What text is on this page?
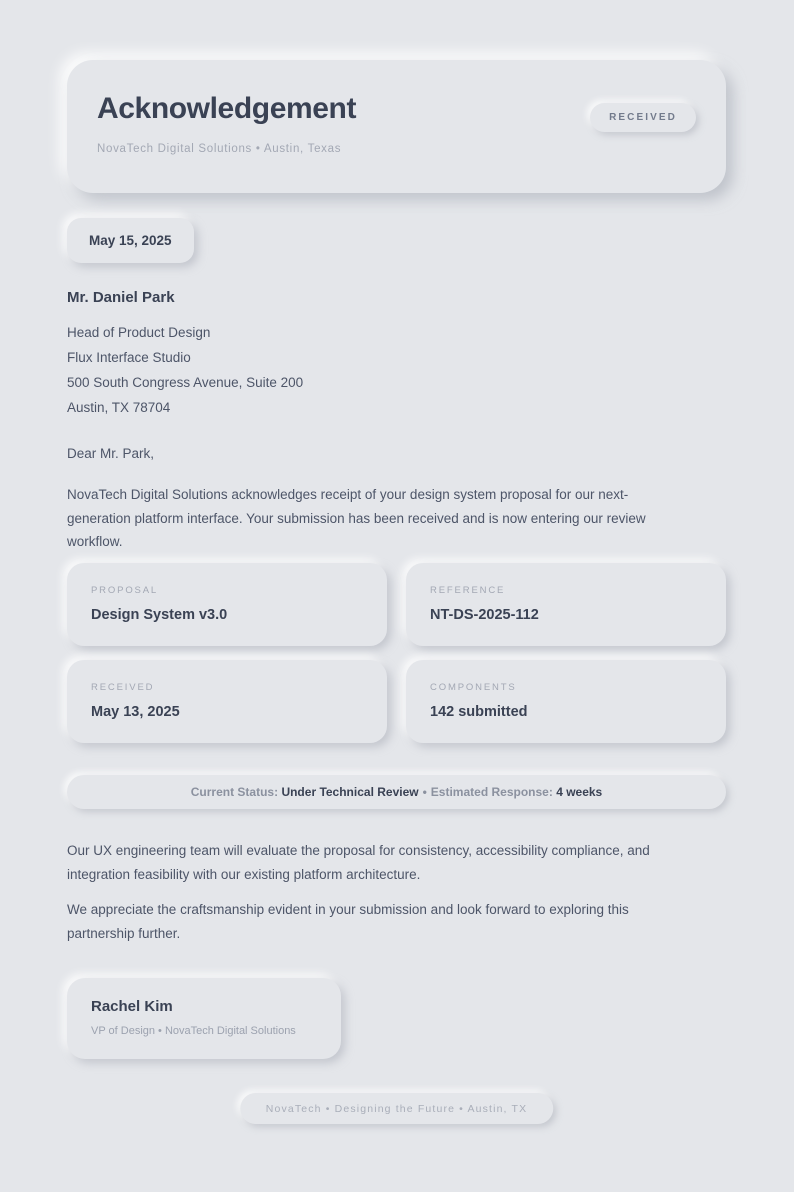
Acknowledgement
NovaTech Digital Solutions • Austin, Texas
RECEIVED
May 15, 2025
Mr. Daniel Park
Head of Product Design
Flux Interface Studio
500 South Congress Avenue, Suite 200
Austin, TX 78704
Dear Mr. Park,
NovaTech Digital Solutions acknowledges receipt of your design system proposal for our next-generation platform interface. Your submission has been received and is now entering our review workflow.
PROPOSAL
Design System v3.0
REFERENCE
NT-DS-2025-112
RECEIVED
May 13, 2025
COMPONENTS
142 submitted
Current Status:
Under Technical Review • Estimated Response:
4 weeks
Our UX engineering team will evaluate the proposal for consistency, accessibility compliance, and integration feasibility with our existing platform architecture.
We appreciate the craftsmanship evident in your submission and look forward to exploring this partnership further.
Rachel Kim
VP of Design • NovaTech Digital Solutions
NovaTech • Designing the Future • Austin, TX
